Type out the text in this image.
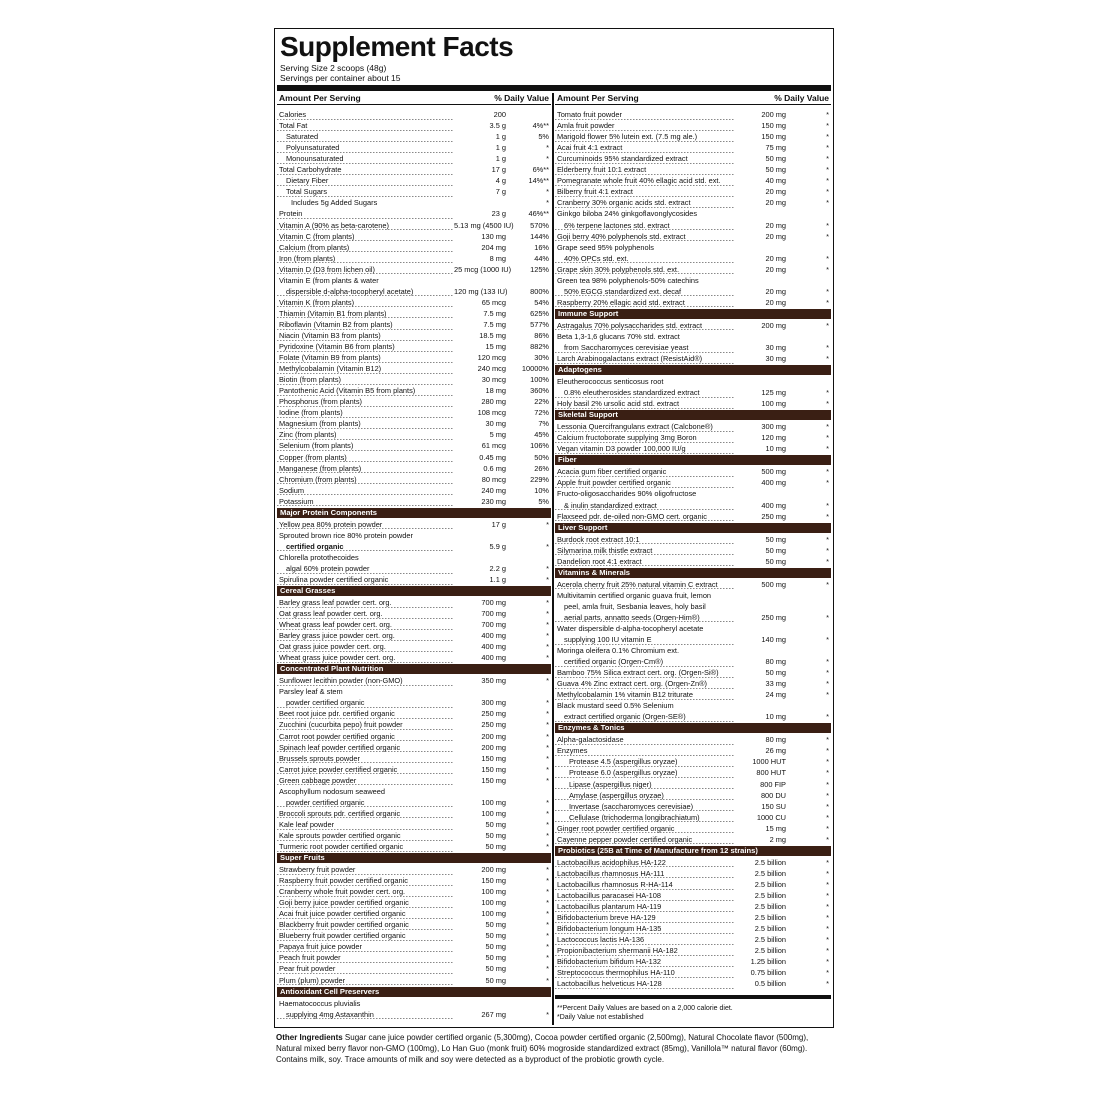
Supplement Facts
Serving Size 2 scoops (48g)
Servings per container about 15
Amount Per Serving	% Daily Value
Calories	200
Total Fat	3.5 g	4%**
Saturated	1 g	5%
Polyunsaturated	1 g	*
Monounsaturated	1 g	*
Total Carbohydrate	17 g	6%**
Dietary Fiber	4 g	14%**
Total Sugars	7 g	*
Includes 5g Added Sugars	*
Protein	23 g	46%**
Vitamin A (90% as beta-carotene)	5.13 mg (4500 IU)	570%
Vitamin C (from plants)	130 mg	144%
Calcium (from plants)	204 mg	16%
Iron (from plants)	8 mg	44%
Vitamin D (D3 from lichen oil)	25 mcg (1000 IU)	125%
Vitamin E (from plants & water
dispersible d-alpha-tocopheryl acetate)	120 mg (133 IU)	800%
Vitamin K (from plants)	65 mcg	54%
Thiamin (Vitamin B1 from plants)	7.5 mg	625%
Riboflavin (Vitamin B2 from plants)	7.5 mg	577%
Niacin (Vitamin B3 from plants)	18.5 mg	86%
Pyridoxine (Vitamin B6 from plants)	15 mg	882%
Folate (Vitamin B9 from plants)	120 mcg	30%
Methylcobalamin (Vitamin B12)	240 mcg	10000%
Biotin (from plants)	30 mcg	100%
Pantothenic Acid (Vitamin B5 from plants)	18 mg	360%
Phosphorus (from plants)	280 mg	22%
Iodine (from plants)	108 mcg	72%
Magnesium (from plants)	30 mg	7%
Zinc (from plants)	5 mg	45%
Selenium (from plants)	61 mcg	106%
Copper (from plants)	0.45 mg	50%
Manganese (from plants)	0.6 mg	26%
Chromium (from plants)	80 mcg	229%
Sodium	240 mg	10%
Potassium	230 mg	5%
Major Protein Components
Yellow pea 80% protein powder	17 g	*
Sprouted brown rice 80% protein powder
certified organic	5.9 g	*
Chlorella protothecoides
algal 60% protein powder	2.2 g	*
Spirulina powder certified organic	1.1 g	*
Cereal Grasses
Barley grass leaf powder cert. org.	700 mg	*
Oat grass leaf powder cert. org.	700 mg	*
Wheat grass leaf powder cert. org.	700 mg	*
Barley grass juice powder cert. org.	400 mg	*
Oat grass juice powder cert. org.	400 mg	*
Wheat grass juice powder cert. org.	400 mg	*
Concentrated Plant Nutrition
Sunflower lecithin powder (non-GMO)	350 mg	*
Parsley leaf & stem
powder certified organic	300 mg	*
Beet root juice pdr. certified organic	250 mg	*
Zucchini (cucurbita pepo) fruit powder	250 mg	*
Carrot root powder certified organic	200 mg	*
Spinach leaf powder certified organic	200 mg	*
Brussels sprouts powder	150 mg	*
Carrot juice powder certified organic	150 mg	*
Green cabbage powder	150 mg	*
Ascophyllum nodosum seaweed
powder certified organic	100 mg	*
Broccoli sprouts pdr. certified organic	100 mg	*
Kale leaf powder	50 mg	*
Kale sprouts powder certified organic	50 mg	*
Turmeric root powder certified organic	50 mg	*
Super Fruits
Strawberry fruit powder	200 mg	*
Raspberry fruit powder certified organic	150 mg	*
Cranberry whole fruit powder cert. org.	100 mg	*
Goji berry juice powder certified organic	100 mg	*
Acai fruit juice powder certified organic	100 mg	*
Blackberry fruit powder certified organic	50 mg	*
Blueberry fruit powder certified organic	50 mg	*
Papaya fruit juice powder	50 mg	*
Peach fruit powder	50 mg	*
Pear fruit powder	50 mg	*
Plum (plum) powder	50 mg	*
Antioxidant Cell Preservers
Haematococcus pluvialis
supplying 4mg Astaxanthin	267 mg	*
Amount Per Serving	% Daily Value
Tomato fruit powder	200 mg	*
Amla fruit powder	150 mg	*
Marigold flower 5% lutein ext. (7.5 mg ale.)	150 mg	*
Acai fruit 4:1 extract	75 mg	*
Curcuminoids 95% standardized extract	50 mg	*
Elderberry fruit 10:1 extract	50 mg	*
Pomegranate whole fruit 40% ellagic acid std. ext.	40 mg	*
Bilberry fruit 4:1 extract	20 mg	*
Cranberry 30% organic acids std. extract	20 mg	*
Ginkgo biloba 24% ginkgoflavonglycosides
6% terpene lactones std. extract	20 mg	*
Goji berry 40% polyphenols std. extract	20 mg	*
Grape seed 95% polyphenols
40% OPCs std. ext.	20 mg	*
Grape skin 30% polyphenols std. ext.	20 mg	*
Green tea 98% polyphenols-50% catechins
50% EGCG standardized ext. decaf	20 mg	*
Raspberry 20% ellagic acid std. extract	20 mg	*
Immune Support
Astragalus 70% polysaccharides std. extract	200 mg	*
Beta 1,3-1,6 glucans 70% std. extract
from Saccharomyces cerevisiae yeast	30 mg	*
Larch Arabinogalactans extract (ResistAid®)	30 mg	*
Adaptogens
Eleutherococcus senticosus root
0.8% eleutherosides standardized extract	125 mg	*
Holy basil 2% ursolic acid std. extract	100 mg	*
Skeletal Support
Lessonia Quercifrangulans extract (Calcbone®)	300 mg	*
Calcium fructoborate supplying 3mg Boron	120 mg	*
Vegan vitamin D3 powder 100,000 IU/g	10 mg	*
Fiber
Acacia gum fiber certified organic	500 mg	*
Apple fruit powder certified organic	400 mg	*
Fructo-oligosaccharides 90% oligofructose
& inulin standardized extract	400 mg	*
Flaxseed pdr. de-oiled non-GMO cert. organic	250 mg	*
Liver Support
Burdock root extract 10:1	50 mg	*
Silymarina milk thistle extract	50 mg	*
Dandelion root 4:1 extract	50 mg	*
Vitamins & Minerals
Acerola cherry fruit 25% natural vitamin C extract	500 mg	*
Multivitamin certified organic guava fruit, lemon
peel, amla fruit, Sesbania leaves, holy basil
aerial parts, annatto seeds (Orgen-Him®)	250 mg	*
Water dispersible d-alpha-tocopheryl acetate
supplying 100 IU vitamin E	140 mg	*
Moringa oleifera 0.1% Chromium ext.
certified organic (Orgen-Cm®)	80 mg	*
Bamboo 75% Silica extract cert. org. (Orgen-Si®)	50 mg	*
Guava 4% Zinc extract cert. org. (Orgen-Zn®)	33 mg	*
Methylcobalamin 1% vitamin B12 triturate	24 mg	*
Black mustard seed 0.5% Selenium
extract certified organic (Orgen-SE®)	10 mg	*
Enzymes & Tonics
Alpha-galactosidase	80 mg	*
Enzymes	26 mg	*
Protease 4.5 (aspergillus oryzae)	1000 HUT	*
Protease 6.0 (aspergillus oryzae)	800 HUT	*
Lipase (aspergillus niger)	800 FIP	*
Amylase (aspergillus oryzae)	800 DU	*
Invertase (saccharomyces cerevisiae)	150 SU	*
Cellulase (trichoderma longibrachiatum)	1000 CU	*
Ginger root powder certified organic	15 mg	*
Cayenne pepper powder certified organic	2 mg	*
Probiotics (25B at Time of Manufacture from 12 strains)
Lactobacillus acidophilus HA-122	2.5 billion	*
Lactobacillus rhamnosus HA-111	2.5 billion	*
Lactobacillus rhamnosus R-HA-114	2.5 billion	*
Lactobacillus paracasei HA-108	2.5 billion	*
Lactobacillus plantarum HA-119	2.5 billion	*
Bifidobacterium breve HA-129	2.5 billion	*
Bifidobacterium longum HA-135	2.5 billion	*
Lactococcus lactis HA-136	2.5 billion	*
Propionibacterium shermanii HA-182	2.5 billion	*
Bifidobacterium bifidum HA-132	1.25 billion	*
Streptococcus thermophilus HA-110	0.75 billion	*
Lactobacillus helveticus HA-128	0.5 billion	*
**Percent Daily Values are based on a 2,000 calorie diet.
*Daily Value not established
Other Ingredients Sugar cane juice powder certified organic (5,300mg), Cocoa powder certified organic (2,500mg), Natural Chocolate flavor (500mg), Natural mixed berry flavor non-GMO (100mg), Lo Han Guo (monk fruit) 60% mogroside standardized extract (85mg), Vanillola™ natural flavor (60mg). Contains milk, soy. Trace amounts of milk and soy were detected as a byproduct of the probiotic growth cycle.
